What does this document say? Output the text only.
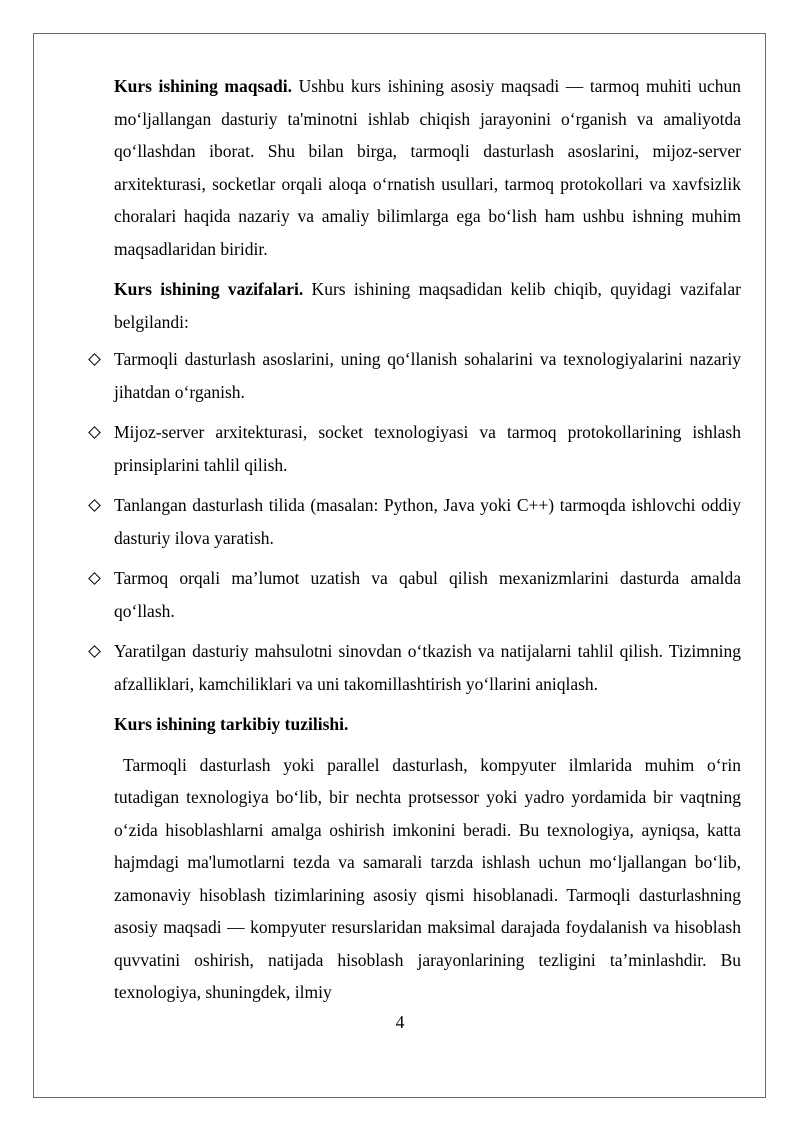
Kurs ishining maqsadi. Ushbu kurs ishining asosiy maqsadi — tarmoq muhiti uchun mo‘ljallangan dasturiy ta'minotni ishlab chiqish jarayonini o‘rganish va amaliyotda qo‘llashdan iborat. Shu bilan birga, tarmoqli dasturlash asoslarini, mijoz-server arxitekturasi, socketlar orqali aloqa o‘rnatish usullari, tarmoq protokollari va xavfsizlik choralari haqida nazariy va amaliy bilimlarga ega bo‘lish ham ushbu ishning muhim maqsadlaridan biridir.

Kurs ishining vazifalari. Kurs ishining maqsadidan kelib chiqib, quyidagi vazifalar belgilandi:

Tarmoqli dasturlash asoslarini, uning qo‘llanish sohalarini va texnologiyalarini nazariy jihatdan o‘rganish.
Mijoz-server arxitekturasi, socket texnologiyasi va tarmoq protokollarining ishlash prinsiplarini tahlil qilish.
Tanlangan dasturlash tilida (masalan: Python, Java yoki C++) tarmoqda ishlovchi oddiy dasturiy ilova yaratish.
Tarmoq orqali ma’lumot uzatish va qabul qilish mexanizmlarini dasturda amalda qo‘llash.
Yaratilgan dasturiy mahsulotni sinovdan o‘tkazish va natijalarni tahlil qilish. Tizimning afzalliklari, kamchiliklari va uni takomillashtirish yo‘llarini aniqlash.

Kurs ishining tarkibiy tuzilishi.

Tarmoqli dasturlash yoki parallel dasturlash, kompyuter ilmlarida muhim o‘rin tutadigan texnologiya bo‘lib, bir nechta protsessor yoki yadro yordamida bir vaqtning o‘zida hisoblashlarni amalga oshirish imkonini beradi. Bu texnologiya, ayniqsa, katta hajmdagi ma'lumotlarni tezda va samarali tarzda ishlash uchun mo‘ljallangan bo‘lib, zamonaviy hisoblash tizimlarining asosiy qismi hisoblanadi. Tarmoqli dasturlashning asosiy maqsadi — kompyuter resurslaridan maksimal darajada foydalanish va hisoblash quvvatini oshirish, natijada hisoblash jarayonlarining tezligini ta’minlashdir. Bu texnologiya, shuningdek, ilmiy

4
